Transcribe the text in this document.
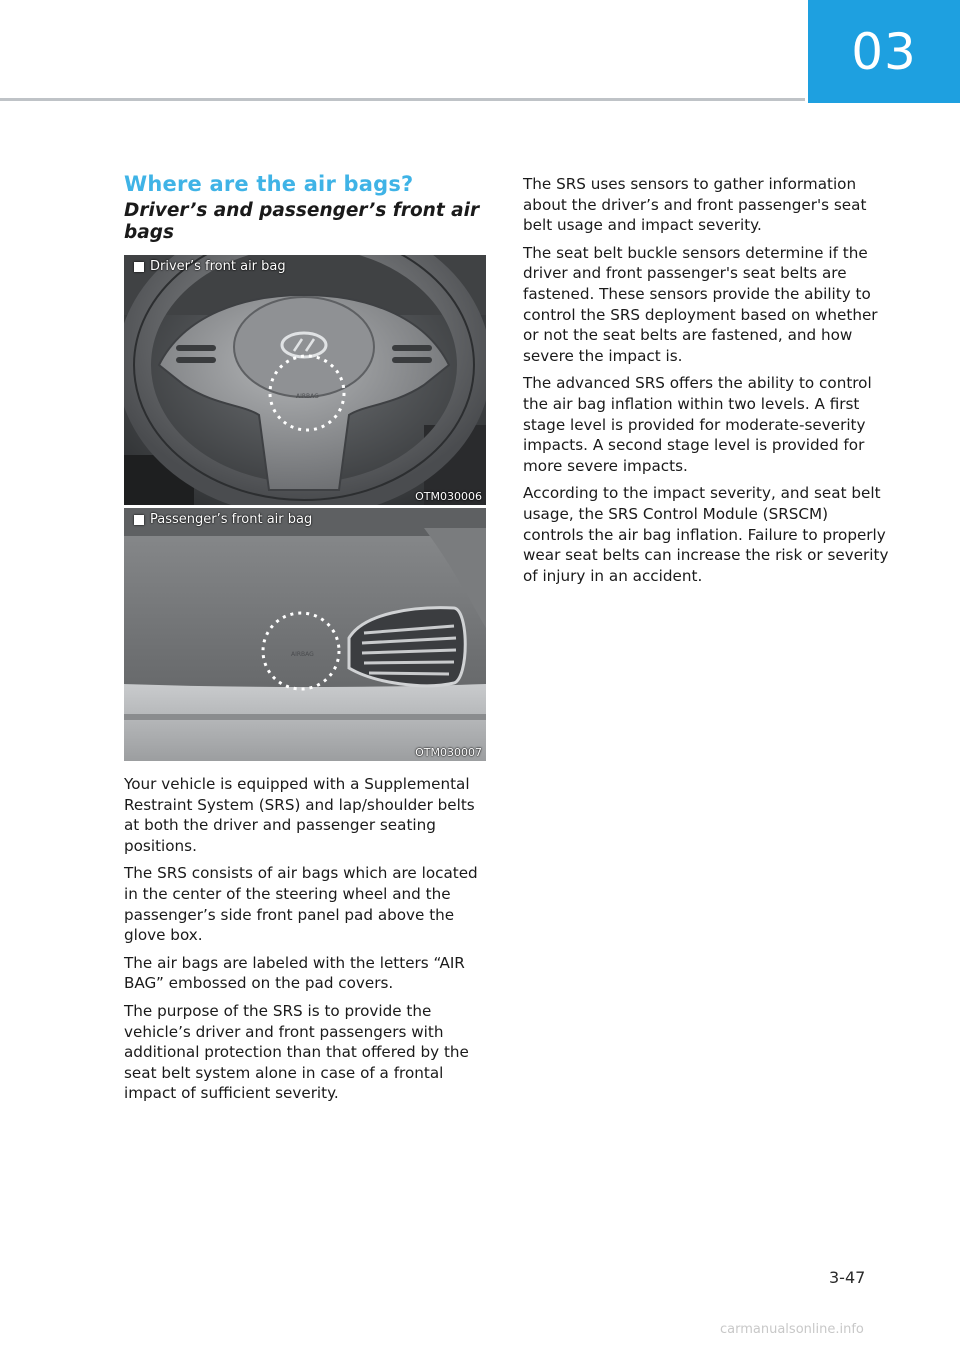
03
Where are the air bags?
Driver’s and passenger’s front air bags
AIRBAG
Driver’s front air bag
OTM030006
AIRBAG
Passenger’s front air bag
OTM030007

Your vehicle is equipped with a Supplemental Restraint System (SRS) and lap/shoulder belts at both the driver and passenger seating positions.

The SRS consists of air bags which are located in the center of the steering wheel and the passenger’s side front panel pad above the glove box.

The air bags are labeled with the letters “AIR BAG” embossed on the pad covers.

The purpose of the SRS is to provide the vehicle’s driver and front passengers with additional protection than that offered by the seat belt system alone in case of a frontal impact of sufficient severity.

The SRS uses sensors to gather information about the driver’s and front passenger's seat belt usage and impact severity.

The seat belt buckle sensors determine if the driver and front passenger's seat belts are fastened. These sensors provide the ability to control the SRS deployment based on whether or not the seat belts are fastened, and how severe the impact is.

The advanced SRS offers the ability to control the air bag inflation within two levels. A first stage level is provided for moderate-severity impacts. A second stage level is provided for more severe impacts.

According to the impact severity, and seat belt usage, the SRS Control Module (SRSCM) controls the air bag inflation. Failure to properly wear seat belts can increase the risk or severity of injury in an accident.

3-47
carmanualsonline.info
